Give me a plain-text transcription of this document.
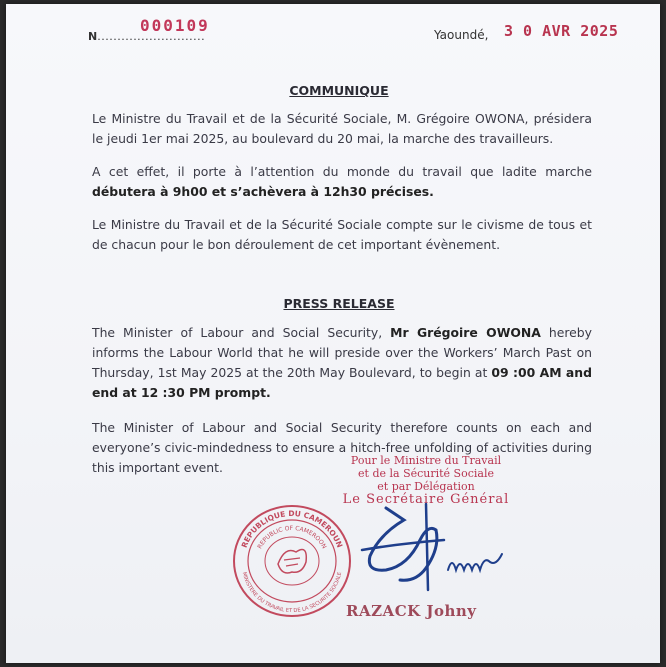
N...........................
000109	Yaoundé, 3 0 AVR 2025
COMMUNIQUE
Le Ministre du Travail et de la Sécurité Sociale, M. Grégoire OWONA, présidera le jeudi 1er mai 2025, au boulevard du 20 mai, la marche des travailleurs.
A cet effet, il porte à l’attention du monde du travail que ladite marche débutera à 9h00 et s’achèvera à 12h30 précises.
Le Ministre du Travail et de la Sécurité Sociale compte sur le civisme de tous et de chacun pour le bon déroulement de cet important évènement.
PRESS RELEASE
The Minister of Labour and Social Security, Mr Grégoire OWONA hereby informs the Labour World that he will preside over the Workers’ March Past on Thursday, 1st May 2025 at the 20th May Boulevard, to begin at 09 :00 AM and end at 12 :30 PM prompt.
The Minister of Labour and Social Security therefore counts on each and everyone’s civic-mindedness to ensure a hitch-free unfolding of activities during this important event.	Pour le Ministre du Travail
et de la Sécurité Sociale
et par Délégation
Le Secrétaire Général
REPUBLIQUE DU CAMEROUN
REPUBLIC OF CAMEROON
MINISTERE DU TRAVAIL ET DE LA SECURITE SOCIALE
RAZACK Johny
